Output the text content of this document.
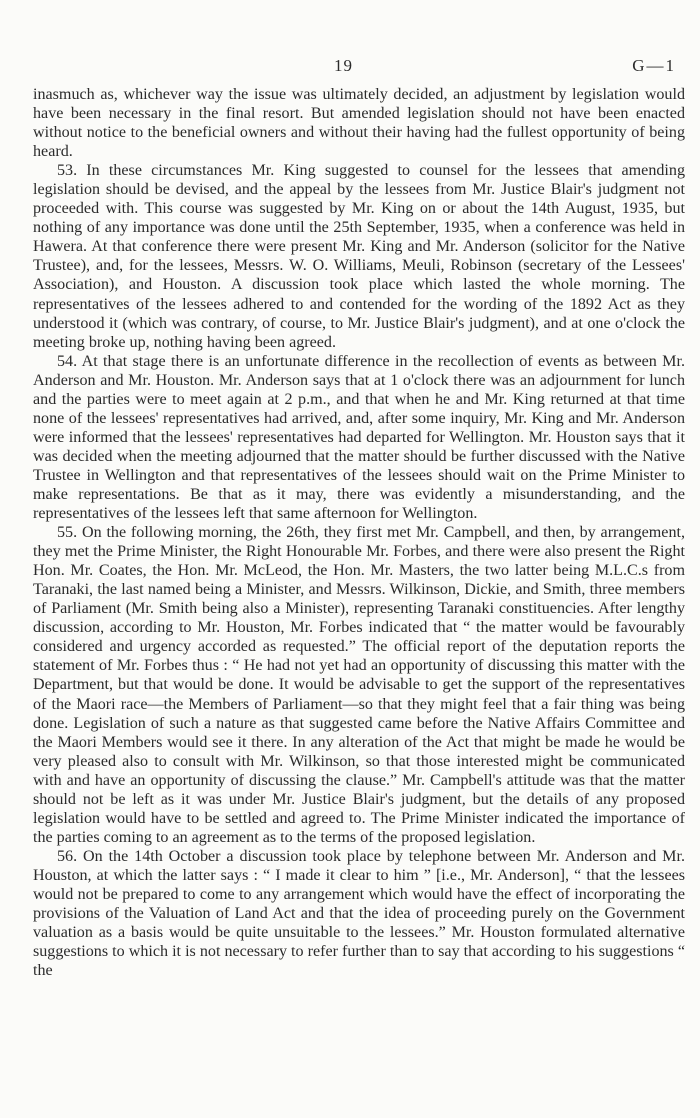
19	G—1

inasmuch as, whichever way the issue was ultimately decided, an adjustment by legislation would have been necessary in the final resort. But amended legislation should not have been enacted without notice to the beneficial owners and without their having had the fullest opportunity of being heard.

53. In these circumstances Mr. King suggested to counsel for the lessees that amending legislation should be devised, and the appeal by the lessees from Mr. Justice Blair's judgment not proceeded with. This course was suggested by Mr. King on or about the 14th August, 1935, but nothing of any importance was done until the 25th September, 1935, when a conference was held in Hawera. At that conference there were present Mr. King and Mr. Anderson (solicitor for the Native Trustee), and, for the lessees, Messrs. W. O. Williams, Meuli, Robinson (secretary of the Lessees' Association), and Houston. A discussion took place which lasted the whole morning. The representatives of the lessees adhered to and contended for the wording of the 1892 Act as they understood it (which was contrary, of course, to Mr. Justice Blair's judgment), and at one o'clock the meeting broke up, nothing having been agreed.

54. At that stage there is an unfortunate difference in the recollection of events as between Mr. Anderson and Mr. Houston. Mr. Anderson says that at 1 o'clock there was an adjournment for lunch and the parties were to meet again at 2 p.m., and that when he and Mr. King returned at that time none of the lessees' representatives had arrived, and, after some inquiry, Mr. King and Mr. Anderson were informed that the lessees' representatives had departed for Wellington. Mr. Houston says that it was decided when the meeting adjourned that the matter should be further discussed with the Native Trustee in Wellington and that representatives of the lessees should wait on the Prime Minister to make representations. Be that as it may, there was evidently a misunderstanding, and the representatives of the lessees left that same afternoon for Wellington.

55. On the following morning, the 26th, they first met Mr. Campbell, and then, by arrangement, they met the Prime Minister, the Right Honourable Mr. Forbes, and there were also present the Right Hon. Mr. Coates, the Hon. Mr. McLeod, the Hon. Mr. Masters, the two latter being M.L.C.s from Taranaki, the last named being a Minister, and Messrs. Wilkinson, Dickie, and Smith, three members of Parliament (Mr. Smith being also a Minister), representing Taranaki constituencies. After lengthy discussion, according to Mr. Houston, Mr. Forbes indicated that “ the matter would be favourably considered and urgency accorded as requested.” The official report of the deputation reports the statement of Mr. Forbes thus : “ He had not yet had an opportunity of discussing this matter with the Department, but that would be done. It would be advisable to get the support of the representatives of the Maori race—the Members of Parliament—so that they might feel that a fair thing was being done. Legislation of such a nature as that suggested came before the Native Affairs Committee and the Maori Members would see it there. In any alteration of the Act that might be made he would be very pleased also to consult with Mr. Wilkinson, so that those interested might be communicated with and have an opportunity of discussing the clause.” Mr. Campbell's attitude was that the matter should not be left as it was under Mr. Justice Blair's judgment, but the details of any proposed legislation would have to be settled and agreed to. The Prime Minister indicated the importance of the parties coming to an agreement as to the terms of the proposed legislation.

56. On the 14th October a discussion took place by telephone between Mr. Anderson and Mr. Houston, at which the latter says : “ I made it clear to him ” [i.e., Mr. Anderson], “ that the lessees would not be prepared to come to any arrangement which would have the effect of incorporating the provisions of the Valuation of Land Act and that the idea of proceeding purely on the Government valuation as a basis would be quite unsuitable to the lessees.” Mr. Houston formulated alternative suggestions to which it is not necessary to refer further than to say that according to his suggestions “ the
